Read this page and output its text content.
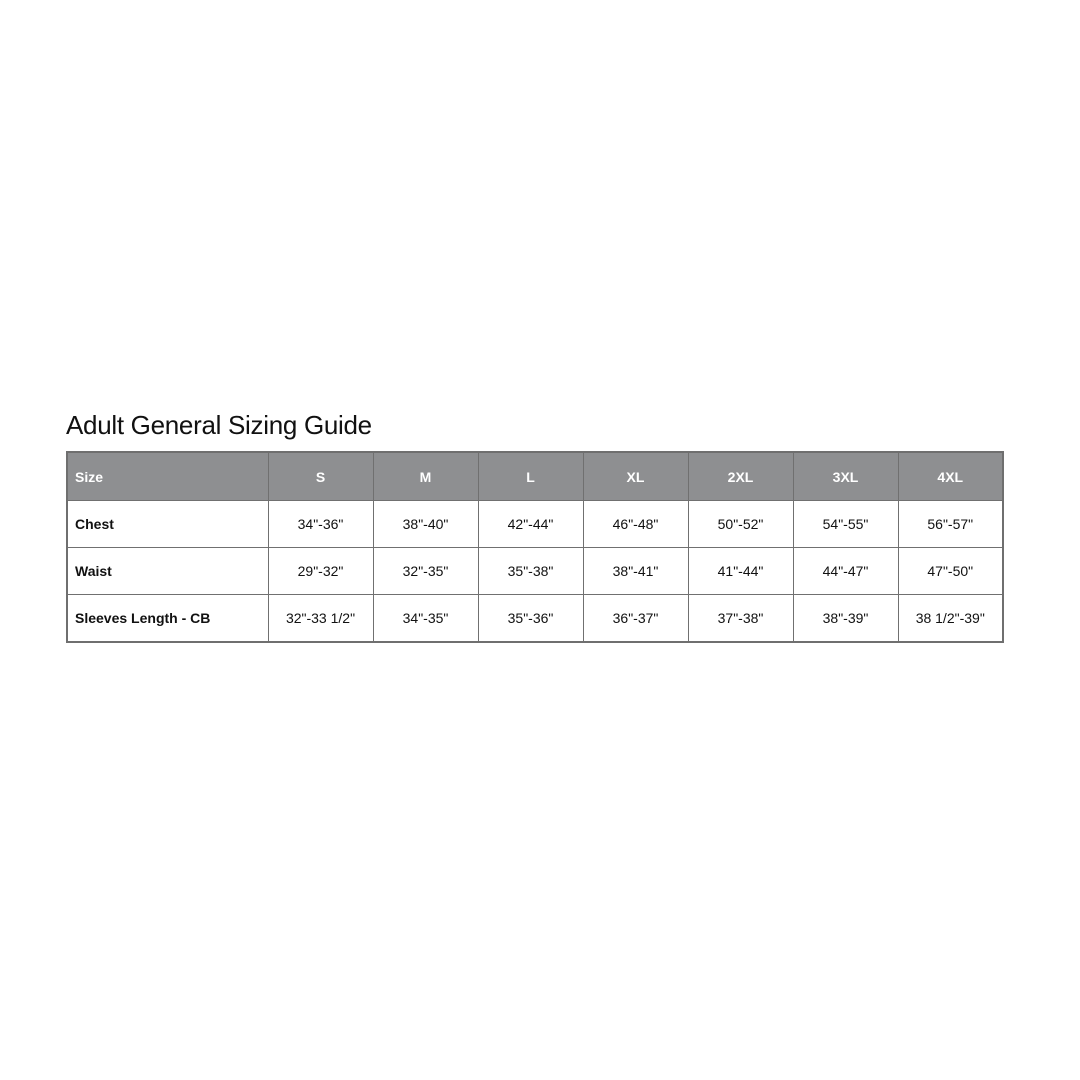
Adult General Sizing Guide
Size	S	M	L	XL	2XL	3XL	4XL
Chest	34"-36"	38"-40"	42"-44"	46"-48"	50"-52"	54"-55"	56"-57"
Waist	29"-32"	32"-35"	35"-38"	38"-41"	41"-44"	44"-47"	47"-50"
Sleeves Length - CB	32"-33 1/2"	34"-35"	35"-36"	36"-37"	37"-38"	38"-39"	38 1/2"-39"
